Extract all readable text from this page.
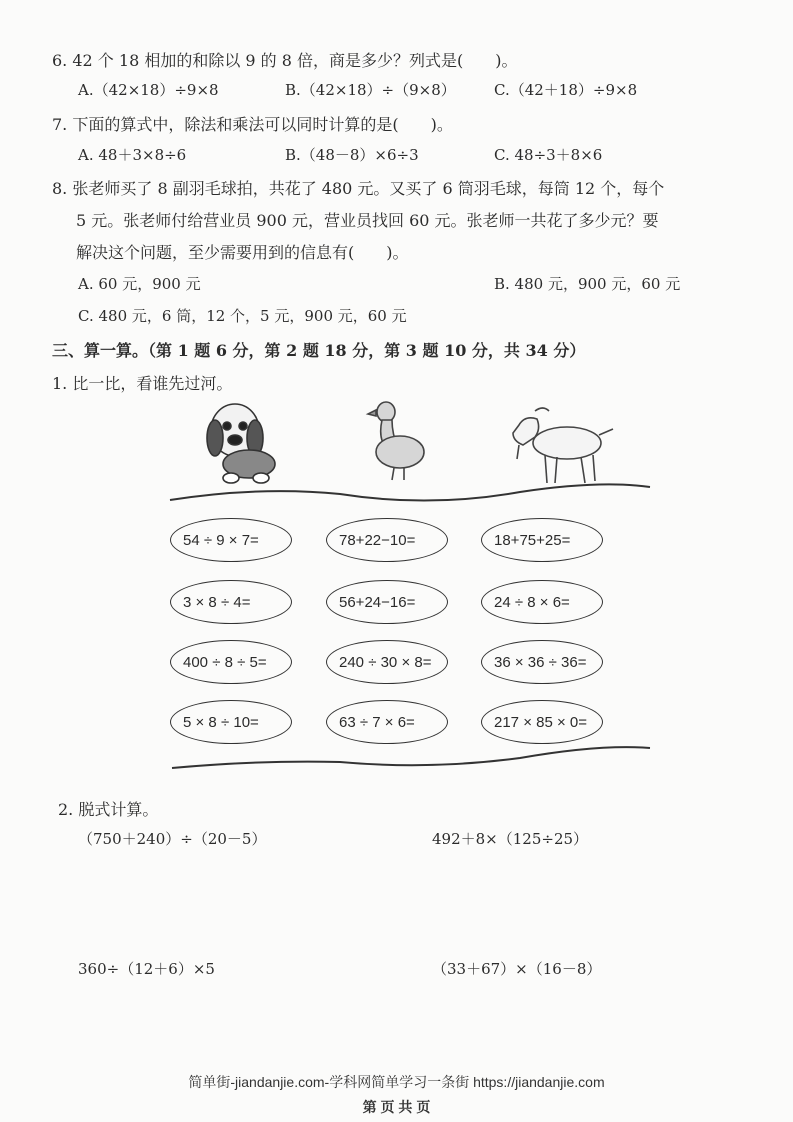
6. 42 个 18 相加的和除以 9 的 8 倍，商是多少？列式是(　　)。
A.（42×18）÷9×8	B.（42×18）÷（9×8）	C.（42＋18）÷9×8
7. 下面的算式中，除法和乘法可以同时计算的是(　　)。
A. 48＋3×8÷6	B.（48－8）×6÷3	C. 48÷3＋8×6
8. 张老师买了 8 副羽毛球拍，共花了 480 元。又买了 6 筒羽毛球，每筒 12 个，每个
5 元。张老师付给营业员 900 元，营业员找回 60 元。张老师一共花了多少元？要
解决这个问题，至少需要用到的信息有(　　)。
A. 60 元，900 元	B. 480 元，900 元，60 元
C. 480 元，6 筒，12 个，5 元，900 元，60 元
三、算一算。（第 1 题 6 分，第 2 题 18 分，第 3 题 10 分，共 34 分）
1. 比一比，看谁先过河。
54 ÷ 9 × 7=	78+22−10=	18+75+25=
3 × 8 ÷ 4=	56+24−16=	24 ÷ 8 × 6=
400 ÷ 8 ÷ 5=	240 ÷ 30 × 8=	36 × 36 ÷ 36=
5 × 8 ÷ 10=	63 ÷ 7 × 6=	217 × 85 × 0=
2. 脱式计算。
（750＋240）÷（20－5）	492＋8×（125÷25）
360÷（12＋6）×5	（33＋67）×（16－8）
简单街-jiandanjie.com-学科网简单学习一条街 https://jiandanjie.com
第 页 共 页
